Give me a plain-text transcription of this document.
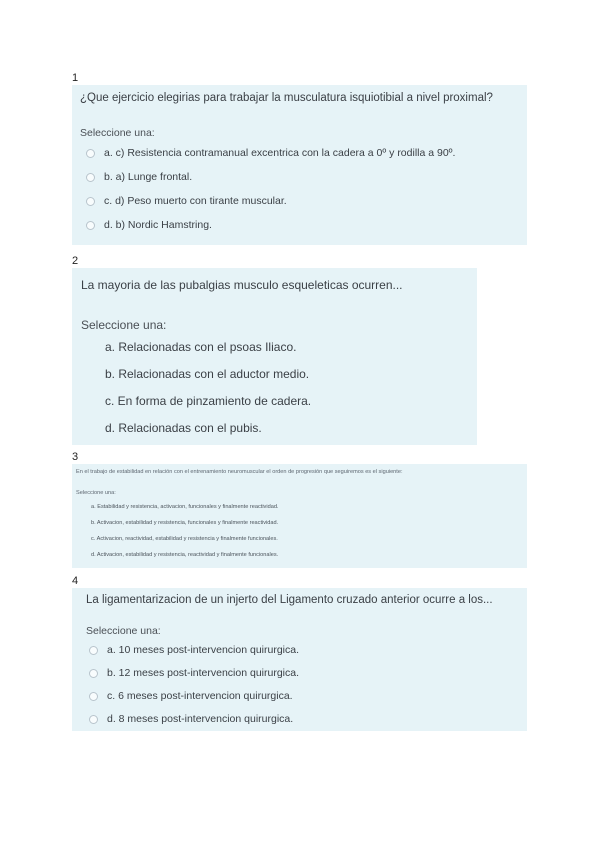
1
¿Que ejercicio elegirias para trabajar la musculatura isquiotibial a nivel proximal?
Seleccione una:
a. c) Resistencia contramanual excentrica con la cadera a 0º y rodilla a 90º.
b. a) Lunge frontal.
c. d) Peso muerto con tirante muscular.
d. b) Nordic Hamstring.
2
La mayoria de las pubalgias musculo esqueleticas ocurren...
Seleccione una:
a. Relacionadas con el psoas Iliaco.
b. Relacionadas con el aductor medio.
c. En forma de pinzamiento de cadera.
d. Relacionadas con el pubis.
3
En el trabajo de estabilidad en relación con el entrenamiento neuromuscular el orden de progresión que seguiremos es el siguiente:
Seleccione una:
a. Estabilidad y resistencia, activacion, funcionales y finalmente reactividad.
b. Activacion, estabilidad y resistencia, funcionales y finalmente reactividad.
c. Activacion, reactividad, estabilidad y resistencia y finalmente funcionales.
d. Activacion, estabilidad y resistencia, reactividad y finalmente funcionales.
4
La ligamentarizacion de un injerto del Ligamento cruzado anterior ocurre a los...
Seleccione una:
a. 10 meses post-intervencion quirurgica.
b. 12 meses post-intervencion quirurgica.
c. 6 meses post-intervencion quirurgica.
d. 8 meses post-intervencion quirurgica.
